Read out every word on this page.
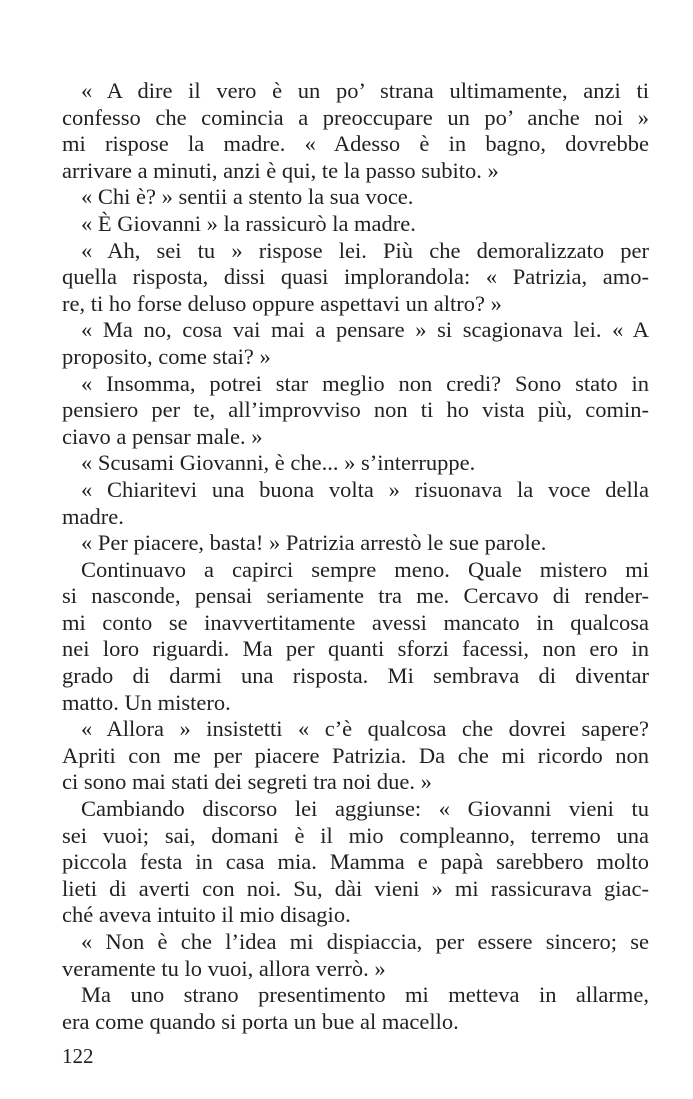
« A dire il vero è un po’ strana ultimamente, anzi ti
confesso che comincia a preoccupare un po’ anche noi »
mi rispose la madre. « Adesso è in bagno, dovrebbe
arrivare a minuti, anzi è qui, te la passo subito. »
« Chi è? » sentii a stento la sua voce.
« È Giovanni » la rassicurò la madre.
« Ah, sei tu » rispose lei. Più che demoralizzato per
quella risposta, dissi quasi implorandola: « Patrizia, amo-
re, ti ho forse deluso oppure aspettavi un altro? »
« Ma no, cosa vai mai a pensare » si scagionava lei. « A
proposito, come stai? »
« Insomma, potrei star meglio non credi? Sono stato in
pensiero per te, all’improvviso non ti ho vista più, comin-
ciavo a pensar male. »
« Scusami Giovanni, è che... » s’interruppe.
« Chiaritevi una buona volta » risuonava la voce della
madre.
« Per piacere, basta! » Patrizia arrestò le sue parole.
Continuavo a capirci sempre meno. Quale mistero mi
si nasconde, pensai seriamente tra me. Cercavo di render-
mi conto se inavvertitamente avessi mancato in qualcosa
nei loro riguardi. Ma per quanti sforzi facessi, non ero in
grado di darmi una risposta. Mi sembrava di diventar
matto. Un mistero.
« Allora » insistetti « c’è qualcosa che dovrei sapere?
Apriti con me per piacere Patrizia. Da che mi ricordo non
ci sono mai stati dei segreti tra noi due. »
Cambiando discorso lei aggiunse: « Giovanni vieni tu
sei vuoi; sai, domani è il mio compleanno, terremo una
piccola festa in casa mia. Mamma e papà sarebbero molto
lieti di averti con noi. Su, dài vieni » mi rassicurava giac-
ché aveva intuito il mio disagio.
« Non è che l’idea mi dispiaccia, per essere sincero; se
veramente tu lo vuoi, allora verrò. »
Ma uno strano presentimento mi metteva in allarme,
era come quando si porta un bue al macello.
122
